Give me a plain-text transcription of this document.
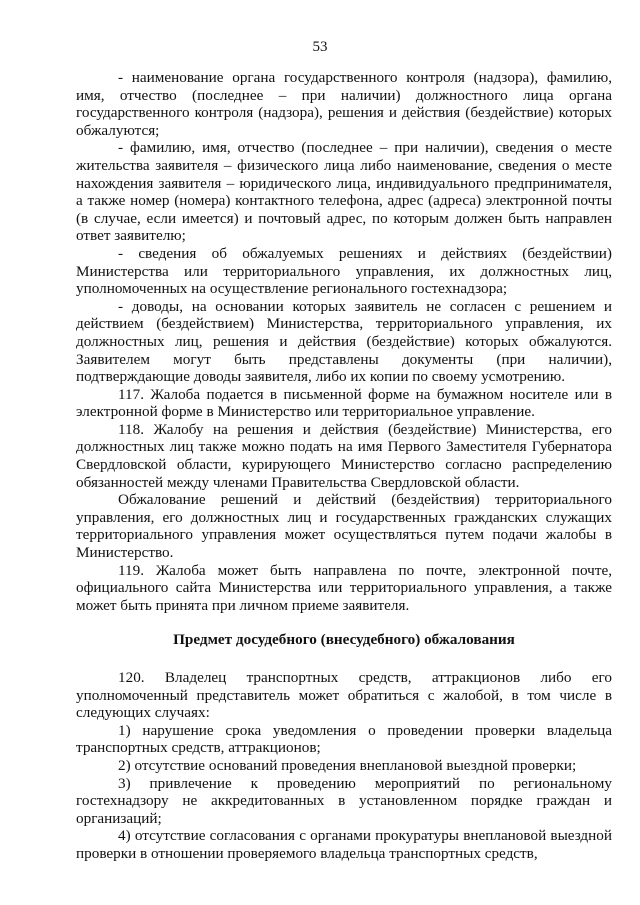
53

- наименование органа государственного контроля (надзора), фамилию, имя, отчество (последнее – при наличии) должностного лица органа государственного контроля (надзора), решения и действия (бездействие) которых обжалуются;

- фамилию, имя, отчество (последнее – при наличии), сведения о месте жительства заявителя – физического лица либо наименование, сведения о месте нахождения заявителя – юридического лица, индивидуального предпринимателя, а также номер (номера) контактного телефона, адрес (адреса) электронной почты (в случае, если имеется) и почтовый адрес, по которым должен быть направлен ответ заявителю;

- сведения об обжалуемых решениях и действиях (бездействии) Министерства или территориального управления, их должностных лиц, уполномоченных на осуществление регионального гостехнадзора;

- доводы, на основании которых заявитель не согласен с решением и действием (бездействием) Министерства, территориального управления, их должностных лиц, решения и действия (бездействие) которых обжалуются. Заявителем могут быть представлены документы (при наличии), подтверждающие доводы заявителя, либо их копии по своему усмотрению.

117. Жалоба подается в письменной форме на бумажном носителе или в электронной форме в Министерство или территориальное управление.

118. Жалобу на решения и действия (бездействие) Министерства, его должностных лиц также можно подать на имя Первого Заместителя Губернатора Свердловской области, курирующего Министерство согласно распределению обязанностей между членами Правительства Свердловской области.

Обжалование решений и действий (бездействия) территориального управления, его должностных лиц и государственных гражданских служащих территориального управления может осуществляться путем подачи жалобы в Министерство.

119. Жалоба может быть направлена по почте, электронной почте, официального сайта Министерства или территориального управления, а также может быть принята при личном приеме заявителя.

Предмет досудебного (внесудебного) обжалования

120. Владелец транспортных средств, аттракционов либо его уполномоченный представитель может обратиться с жалобой, в том числе в следующих случаях:

1) нарушение срока уведомления о проведении проверки владельца транспортных средств, аттракционов;

2) отсутствие оснований проведения внеплановой выездной проверки;

3) привлечение к проведению мероприятий по региональному гостехнадзору не аккредитованных в установленном порядке граждан и организаций;

4) отсутствие согласования с органами прокуратуры внеплановой выездной проверки в отношении проверяемого владельца транспортных средств,
